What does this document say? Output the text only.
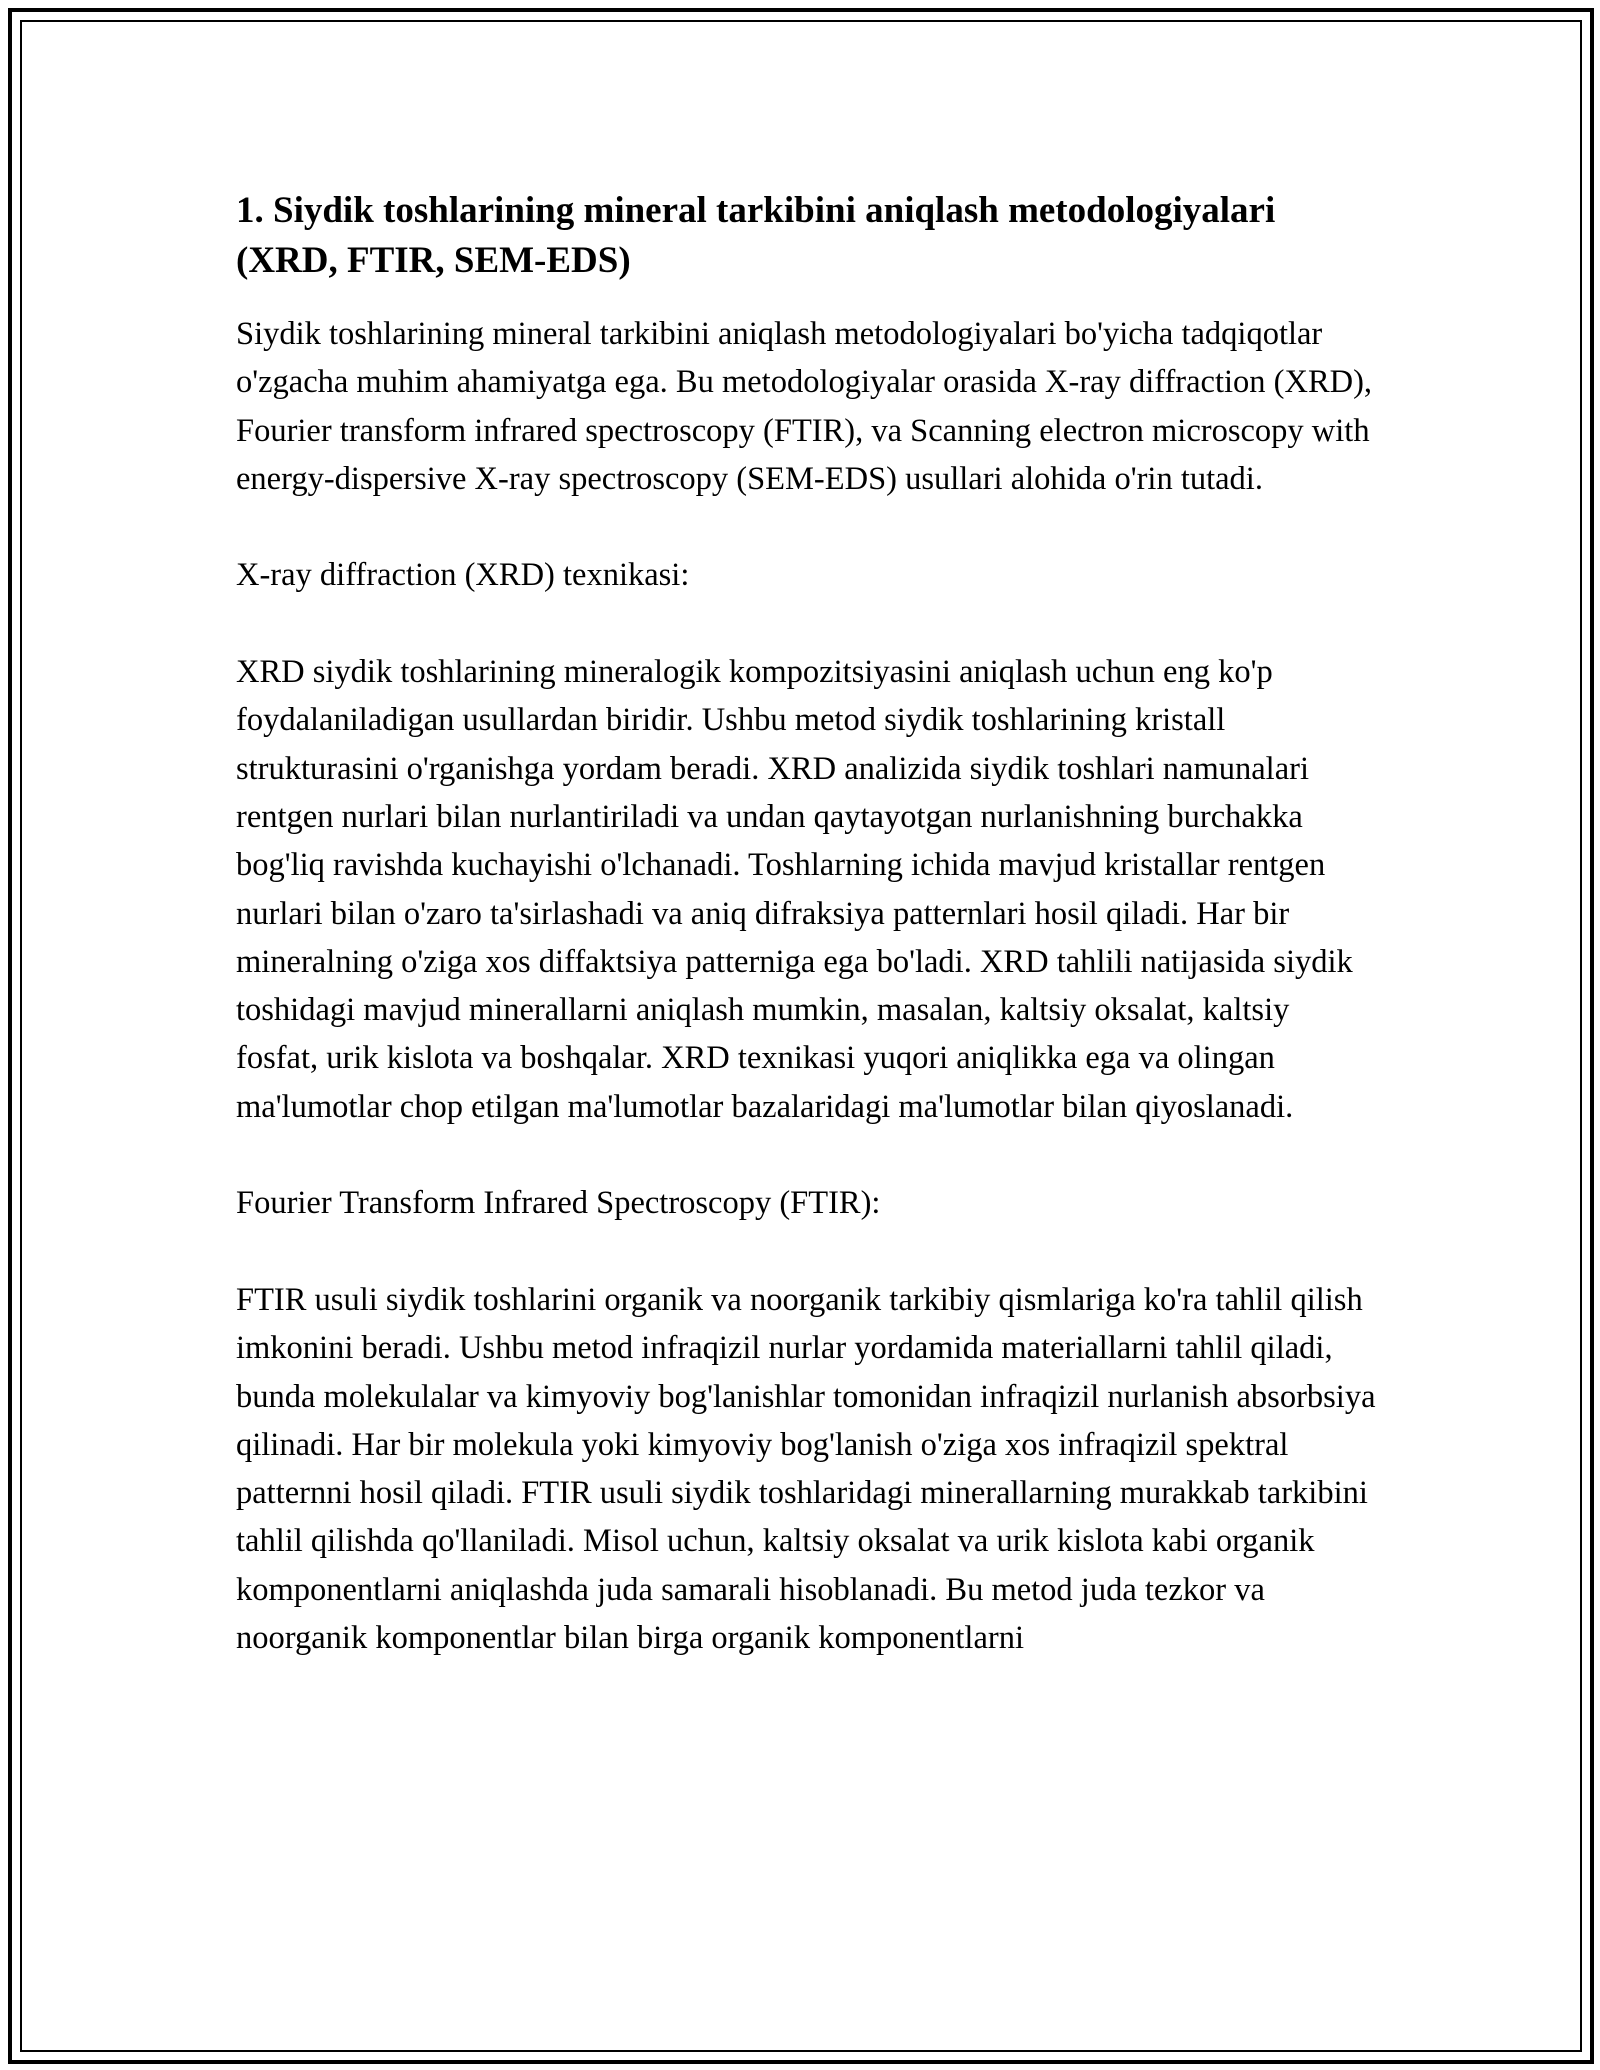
1. Siydik toshlarining mineral tarkibini aniqlash metodologiyalari (XRD, FTIR, SEM-EDS)

Siydik toshlarining mineral tarkibini aniqlash metodologiyalari bo'yicha tadqiqotlar o'zgacha muhim ahamiyatga ega. Bu metodologiyalar orasida X-ray diffraction (XRD), Fourier transform infrared spectroscopy (FTIR), va Scanning electron microscopy with energy-dispersive X-ray spectroscopy (SEM-EDS) usullari alohida o'rin tutadi.

X-ray diffraction (XRD) texnikasi:

XRD siydik toshlarining mineralogik kompozitsiyasini aniqlash uchun eng ko'p foydalaniladigan usullardan biridir. Ushbu metod siydik toshlarining kristall strukturasini o'rganishga yordam beradi. XRD analizida siydik toshlari namunalari rentgen nurlari bilan nurlantiriladi va undan qaytayotgan nurlanishning burchakka bog'liq ravishda kuchayishi o'lchanadi. Toshlarning ichida mavjud kristallar rentgen nurlari bilan o'zaro ta'sirlashadi va aniq difraksiya patternlari hosil qiladi. Har bir mineralning o'ziga xos diffaktsiya patterniga ega bo'ladi. XRD tahlili natijasida siydik toshidagi mavjud minerallarni aniqlash mumkin, masalan, kaltsiy oksalat, kaltsiy fosfat, urik kislota va boshqalar. XRD texnikasi yuqori aniqlikka ega va olingan ma'lumotlar chop etilgan ma'lumotlar bazalaridagi ma'lumotlar bilan qiyoslanadi.

Fourier Transform Infrared Spectroscopy (FTIR):

FTIR usuli siydik toshlarini organik va noorganik tarkibiy qismlariga ko'ra tahlil qilish imkonini beradi. Ushbu metod infraqizil nurlar yordamida materiallarni tahlil qiladi, bunda molekulalar va kimyoviy bog'lanishlar tomonidan infraqizil nurlanish absorbsiya qilinadi. Har bir molekula yoki kimyoviy bog'lanish o'ziga xos infraqizil spektral patternni hosil qiladi. FTIR usuli siydik toshlaridagi minerallarning murakkab tarkibini tahlil qilishda qo'llaniladi. Misol uchun, kaltsiy oksalat va urik kislota kabi organik komponentlarni aniqlashda juda samarali hisoblanadi. Bu metod juda tezkor va noorganik komponentlar bilan birga organik komponentlarni
